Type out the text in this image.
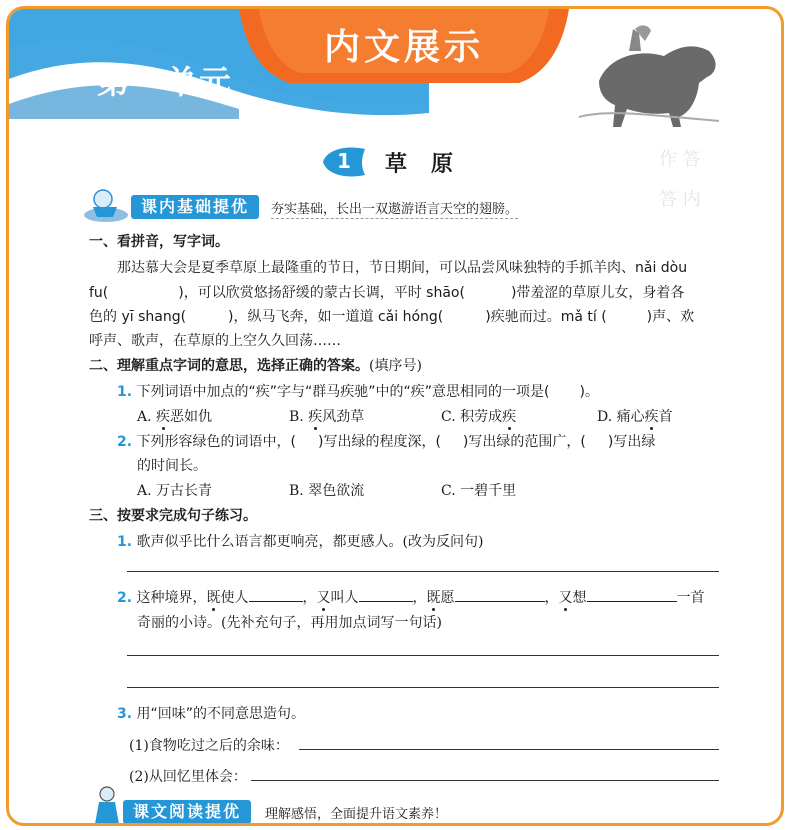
第一单元
内文展示
作 答
答 内
1 草原
课内基础提优	夯实基础，长出一双遨游语言天空的翅膀。
一、看拼音，写字词。
那达慕大会是夏季草原上最隆重的节日，节日期间，可以品尝风味独特的手抓羊肉、nǎi dòu
fu(	)，可以欣赏悠扬舒缓的蒙古长调，平时 shāo(	)带羞涩的草原儿女，身着各
色的 yī shang(	)，纵马飞奔，如一道道 cǎi hóng(	)疾驰而过。mǎ tí (	)声、欢
呼声、歌声，在草原的上空久久回荡……
二、理解重点字词的意思，选择正确的答案。(填序号)
1. 下列词语中加点的“疾”字与“群马疾驰”中的“疾”意思相同的一项是( )。
A. 疾恶如仇	B. 疾风劲草	C. 积劳成疾	D. 痛心疾首
2. 下列形容绿色的词语中，( )写出绿的程度深，( )写出绿的范围广，( )写出绿
的时间长。
A. 万古长青	B. 翠色欲流	C. 一碧千里
三、按要求完成句子练习。
1. 歌声似乎比什么语言都更响亮，都更感人。(改为反问句)
2. 这种境界，既使人	，又叫人	，既愿	，又想	一首
奇丽的小诗。(先补充句子，再用加点词写一句话)
3. 用“回味”的不同意思造句。
(1)食物吃过之后的余味：
(2)从回忆里体会：
课文阅读提优	理解感悟，全面提升语文素养！
